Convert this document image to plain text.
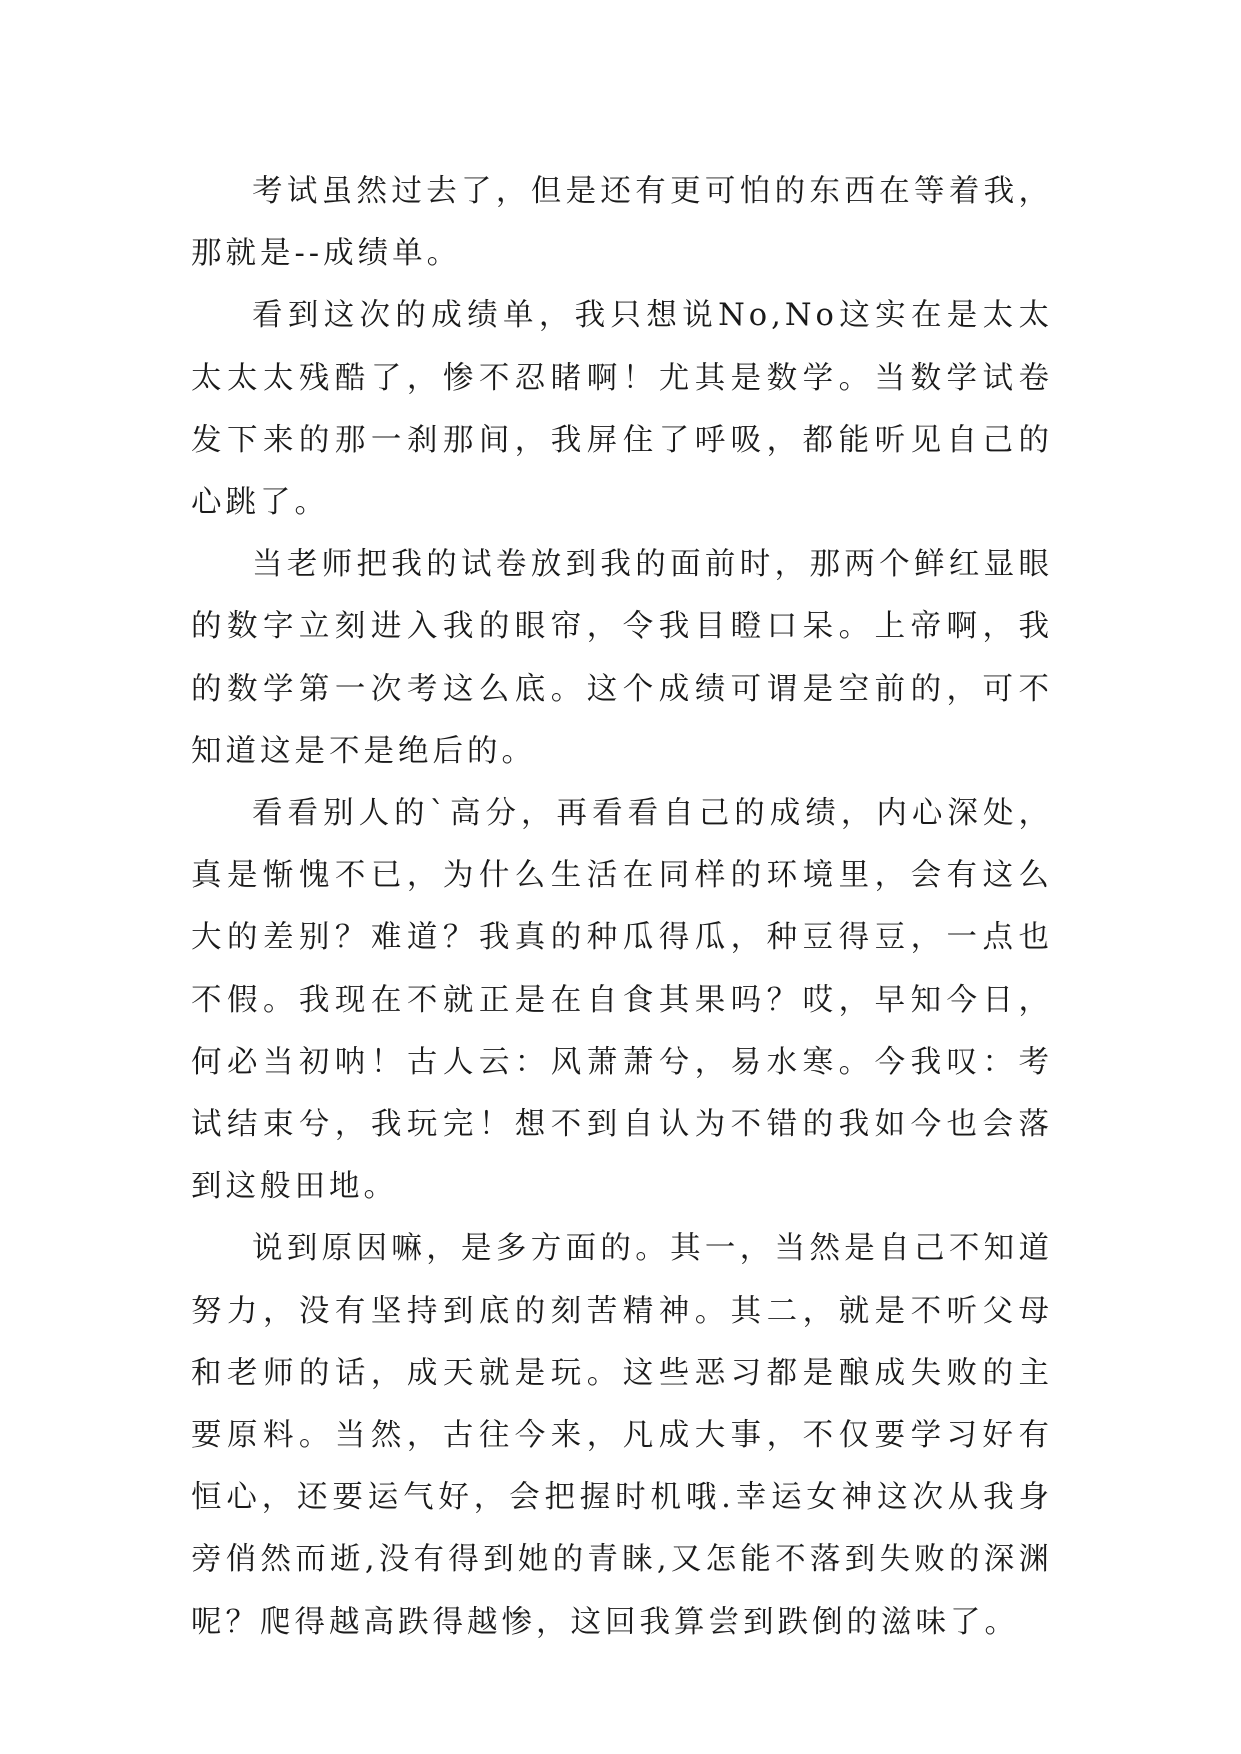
考试虽然过去了，但是还有更可怕的东西在等着我，那就是--成绩单。

看到这次的成绩单，我只想说No,No这实在是太太太太太残酷了，惨不忍睹啊！尤其是数学。当数学试卷发下来的那一刹那间，我屏住了呼吸，都能听见自己的心跳了。

当老师把我的试卷放到我的面前时，那两个鲜红显眼的数字立刻进入我的眼帘，令我目瞪口呆。上帝啊，我的数学第一次考这么底。这个成绩可谓是空前的，可不知道这是不是绝后的。

看看别人的`高分，再看看自己的成绩，内心深处，真是惭愧不已，为什么生活在同样的环境里，会有这么大的差别？难道？我真的种瓜得瓜，种豆得豆，一点也不假。我现在不就正是在自食其果吗？哎，早知今日，何必当初呐！古人云：风萧萧兮，易水寒。今我叹：考试结束兮，我玩完！想不到自认为不错的我如今也会落到这般田地。

说到原因嘛，是多方面的。其一，当然是自己不知道努力，没有坚持到底的刻苦精神。其二，就是不听父母和老师的话，成天就是玩。这些恶习都是酿成失败的主要原料。当然，古往今来，凡成大事，不仅要学习好有恒心，还要运气好，会把握时机哦.幸运女神这次从我身旁俏然而逝,没有得到她的青睐,又怎能不落到失败的深渊呢？爬得越高跌得越惨，这回我算尝到跌倒的滋味了。
